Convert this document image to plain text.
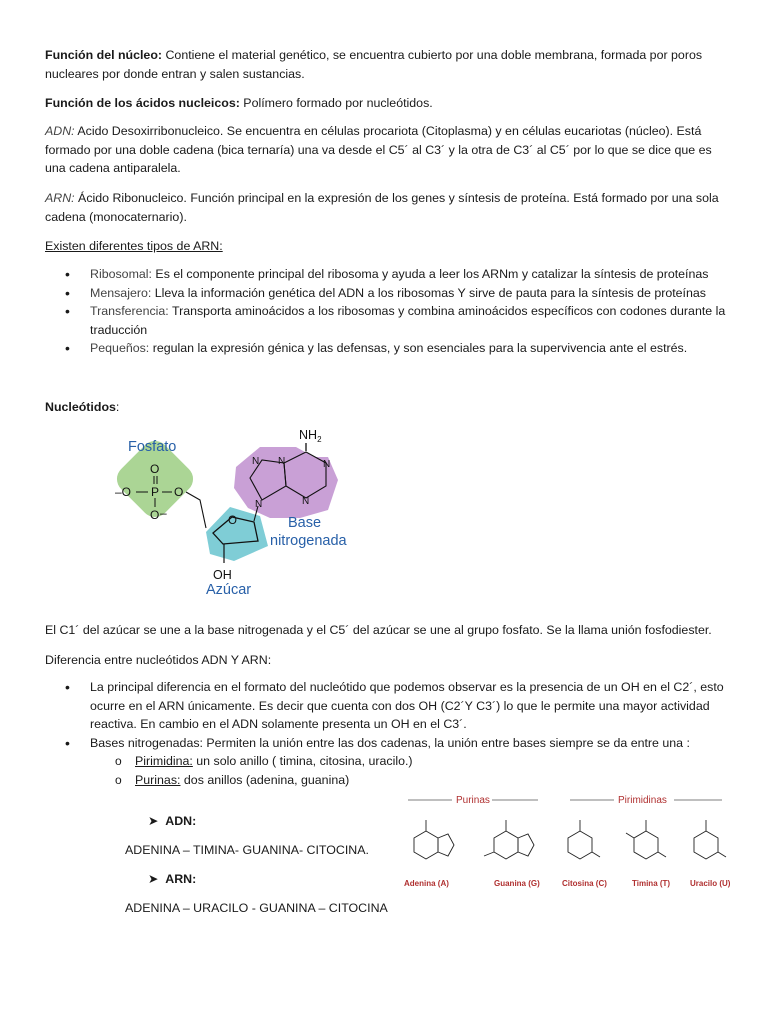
Función del núcleo: Contiene el material genético, se encuentra cubierto por una doble membrana, formada por poros nucleares por donde entran y salen sustancias.

Función de los ácidos nucleicos: Polímero formado por nucleótidos.

ADN: Acido Desoxirribonucleico. Se encuentra en células procariota (Citoplasma) y en células eucariotas (núcleo). Está formado por una doble cadena (bica ternaría) una va desde el C5´ al C3´ y la otra de C3´ al C5´ por lo que se dice que es una cadena antiparalela.

ARN: Ácido Ribonucleico. Función principal en la expresión de los genes y síntesis de proteína. Está formado por una sola cadena (monocaternario).

Existen diferentes tipos de ARN:

• Ribosomal: Es el componente principal del ribosoma y ayuda a leer los ARNm y catalizar la síntesis de proteínas
• Mensajero: Lleva la información genética del ADN a los ribosomas Y sirve de pauta para la síntesis de proteínas
• Transferencia: Transporta aminoácidos a los ribosomas y combina aminoácidos específicos con codones durante la traducción
• Pequeños: regulan la expresión génica y las defensas, y son esenciales para la supervivencia ante el estrés.

Nucleótidos:

Fosfato
$NH_2$
O
P
–O	O
O –
O
OH
Azúcar
N
N
N	N
N
Base
nitrogenada

El C1´ del azúcar se une a la base nitrogenada y el C5´ del azúcar se une al grupo fosfato. Se la llama unión fosfodiester.

Diferencia entre nucleótidos ADN Y ARN:

• La principal diferencia en el formato del nucleótido que podemos observar es la presencia de un OH en el C2´, esto ocurre en el ARN únicamente. Es decir que cuenta con dos OH (C2´Y C3´) lo que le permite una mayor actividad reactiva. En cambio en el ADN solamente presenta un OH en el C3´.
• Bases nitrogenadas: Permiten la unión entre las dos cadenas, la unión entre bases siempre se da entre una :
o Pirimidina: un solo anillo ( timina, citosina, uracilo.)
o Purinas: dos anillos (adenina, guanina)
➤ ADN:
ADENINA – TIMINA- GUANINA- CITOCINA.
➤ ARN:
ADENINA – URACILO - GUANINA – CITOCINA
Purinas	Pirimidinas
Adenina (A)	Guanina (G)	Citosina (C)	Timina (T) Uracilo (U)
